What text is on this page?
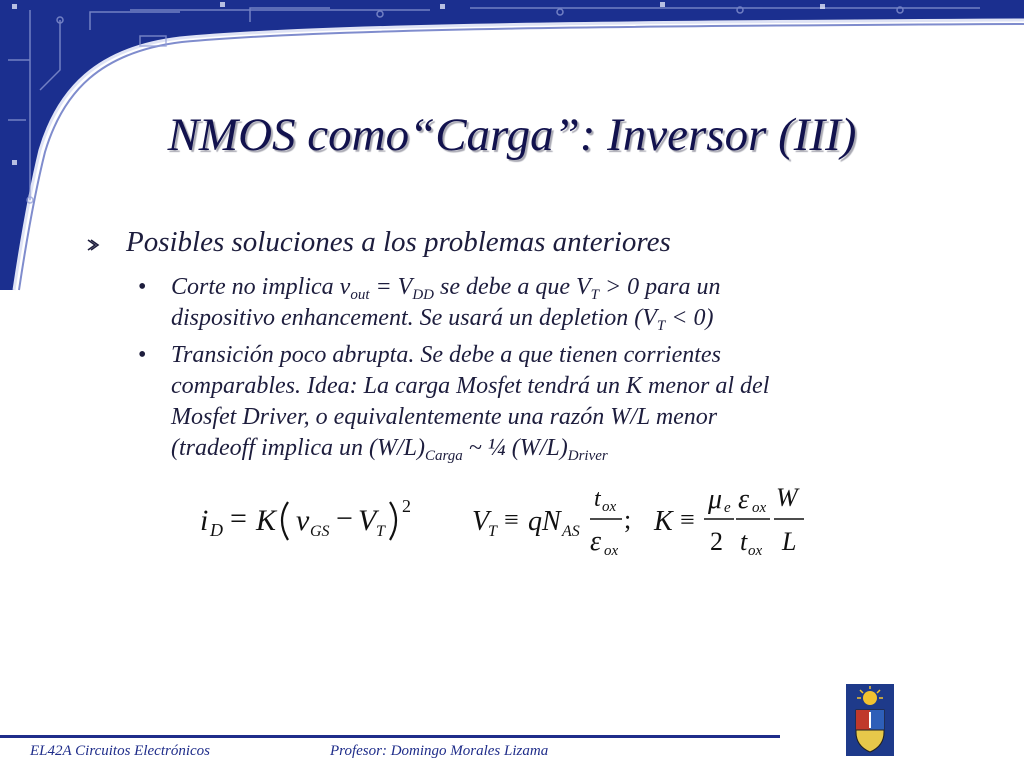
NMOS como“Carga”: Inversor (III)
Posibles soluciones a los problemas anteriores
• Corte no implica $v_{out} = V_{DD}$ se debe a que $V_T > 0$ para un
dispositivo enhancement. Se usará un depletion $(V_T < 0)$
• Transición poco abrupta. Se debe a que tienen corrientes
comparables. Idea: La carga Mosfet tendrá un K menor al del
Mosfet Driver, o equivalentemente una razón W/L menor
(tradeoff implica un $(W/L)_{Carga}$ ~ ¼ $(W/L)_{Driver}$
i D = K v GS − V T
2 V
T ≡ q N AS
t ox
ε ox
; K ≡
μ e
2
ε ox
t ox
W
L
EL42A Circuitos Electrónicos	Profesor: Domingo Morales Lizama
